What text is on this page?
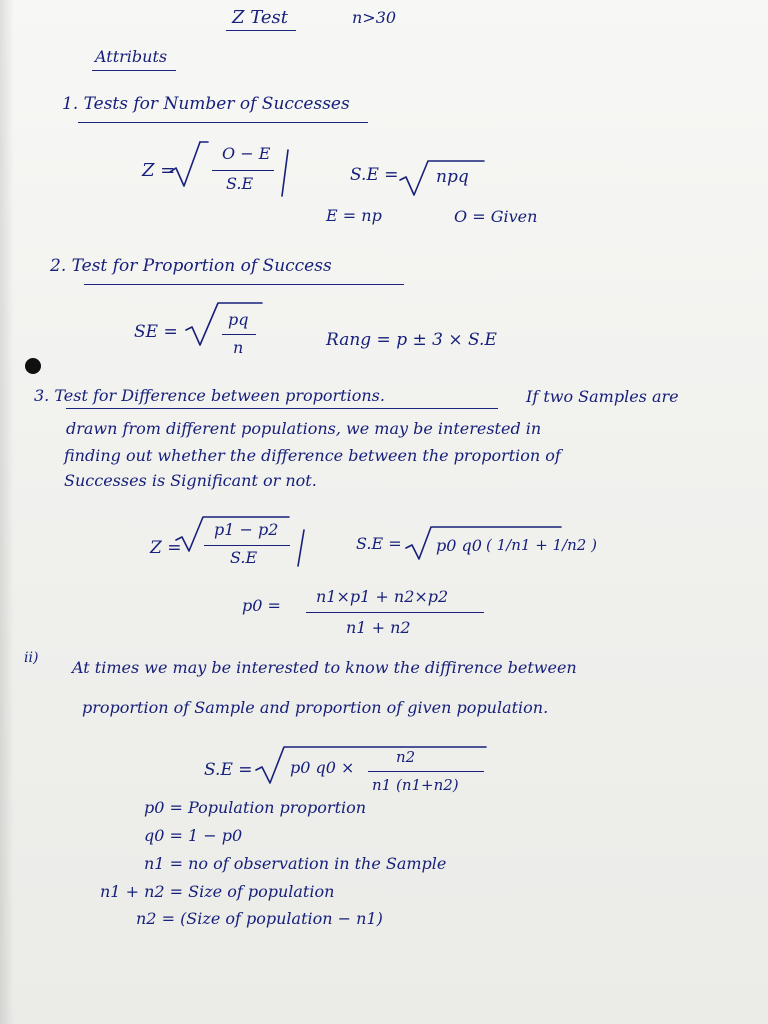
Z Test	n>30
Attributs
1. Tests for Number of Successes
Z =
O − E
S.E	S.E = npq
E = np	O = Given
2. Test for Proportion of Success
SE =
pq
n	Rang = p ± 3 × S.E
3. Test for Difference between proportions.	If two Samples are
drawn from different populations, we may be interested in
finding out whether the difference between the proportion of
Successes is Significant or not.
Z =
p1 − p2
S.E
S.E = p0 q0 ( 1/n1 + 1/n2 )
p0 = n1×p1 + n2×p2
n1 + n2
ii) At times we may be interested to know the diffirence between
proportion of Sample and proportion of given population.
S.E = p0 q0 ×
n2
n1 (n1+n2)
p0 = Population proportion
q0 = 1 − p0
n1 = no of observation in the Sample
n1 + n2 = Size of population
n2 = (Size of population − n1)
